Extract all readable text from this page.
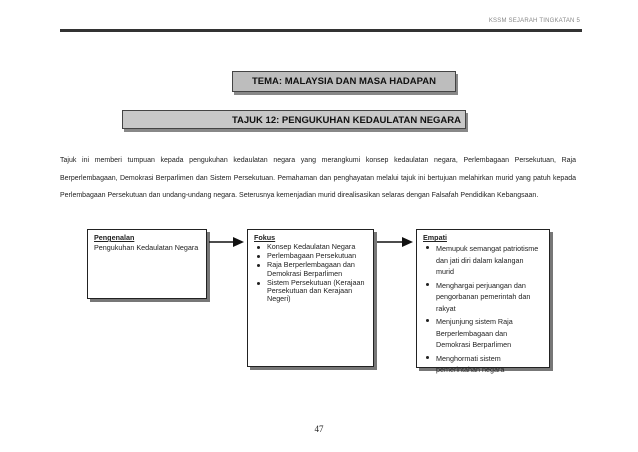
KSSM SEJARAH TINGKATAN 5
TEMA: MALAYSIA DAN MASA HADAPAN
TAJUK 12: PENGUKUHAN KEDAULATAN NEGARA
Tajuk ini memberi tumpuan kepada pengukuhan kedaulatan negara yang merangkumi konsep kedaulatan negara, Perlembagaan Persekutuan, Raja Berperlembagaan, Demokrasi Berparlimen dan Sistem Persekutuan. Pemahaman dan penghayatan melalui tajuk ini bertujuan melahirkan murid yang patuh kepada Perlembagaan Persekutuan dan undang-undang negara. Seterusnya kemenjadian murid direalisasikan selaras dengan Falsafah Pendidikan Kebangsaan.
Pengenalan
Pengukuhan Kedaulatan Negara
Fokus
Konsep Kedaulatan Negara
Perlembagaan Persekutuan
Raja Berperlembagaan dan Demokrasi Berparlimen
Sistem Persekutuan (Kerajaan Persekutuan dan Kerajaan Negeri)
Empati
Memupuk semangat patriotisme dan jati diri dalam kalangan murid
Menghargai perjuangan dan pengorbanan pemerintah dan rakyat
Menjunjung sistem Raja Berperlembagaan dan Demokrasi Berparlimen
Menghormati sistem pemerintahan negara
47
